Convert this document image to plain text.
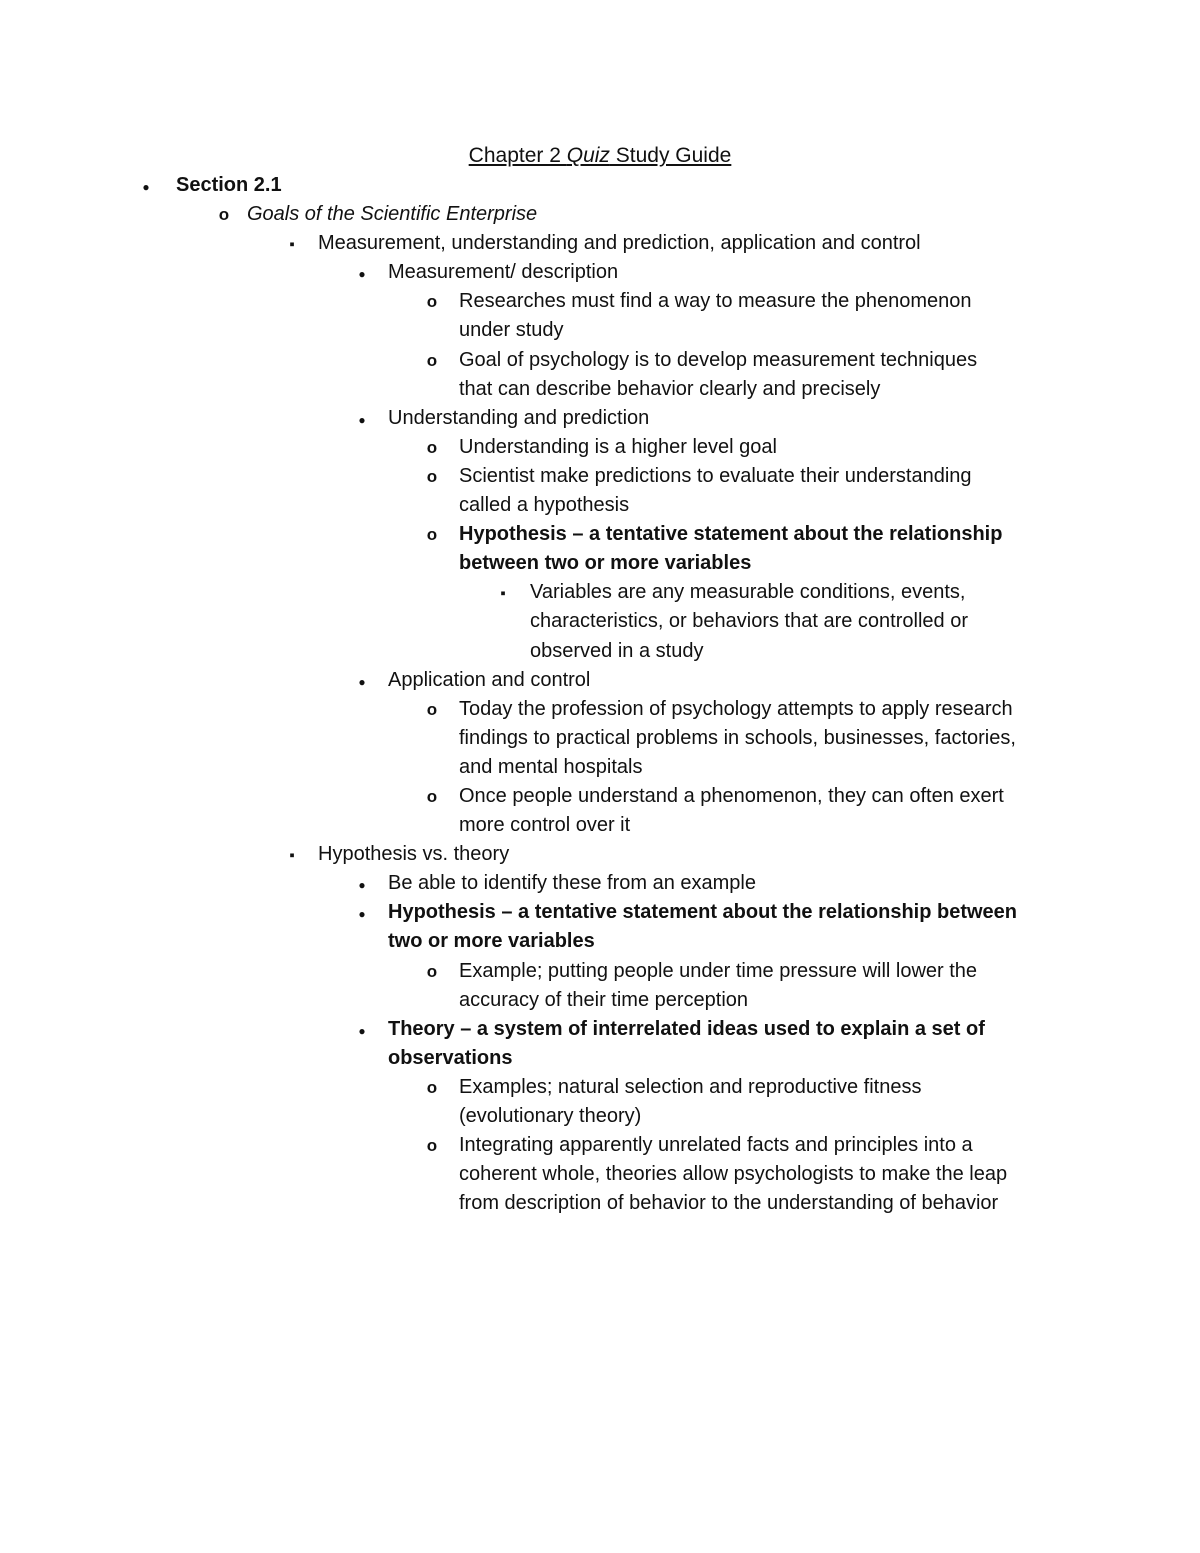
Chapter 2 Quiz Study Guide
●
Section 2.1
o
Goals of the Scientific Enterprise
▪
Measurement, understanding and prediction, application and control
●
Measurement/ description
o
Researches must find a way to measure the phenomenon
under study
o
Goal of psychology is to develop measurement techniques
that can describe behavior clearly and precisely
●
Understanding and prediction
o
Understanding is a higher level goal
o
Scientist make predictions to evaluate their understanding
called a hypothesis
o
Hypothesis – a tentative statement about the relationship
between two or more variables
▪
Variables are any measurable conditions, events,
characteristics, or behaviors that are controlled or
observed in a study
●
Application and control
o
Today the profession of psychology attempts to apply research
findings to practical problems in schools, businesses, factories,
and mental hospitals
o
Once people understand a phenomenon, they can often exert
more control over it
▪
Hypothesis vs. theory
●
Be able to identify these from an example
●
Hypothesis – a tentative statement about the relationship between
two or more variables
o
Example; putting people under time pressure will lower the
accuracy of their time perception
●
Theory – a system of interrelated ideas used to explain a set of
observations
o
Examples; natural selection and reproductive fitness
(evolutionary theory)
o
Integrating apparently unrelated facts and principles into a
coherent whole, theories allow psychologists to make the leap
from description of behavior to the understanding of behavior
